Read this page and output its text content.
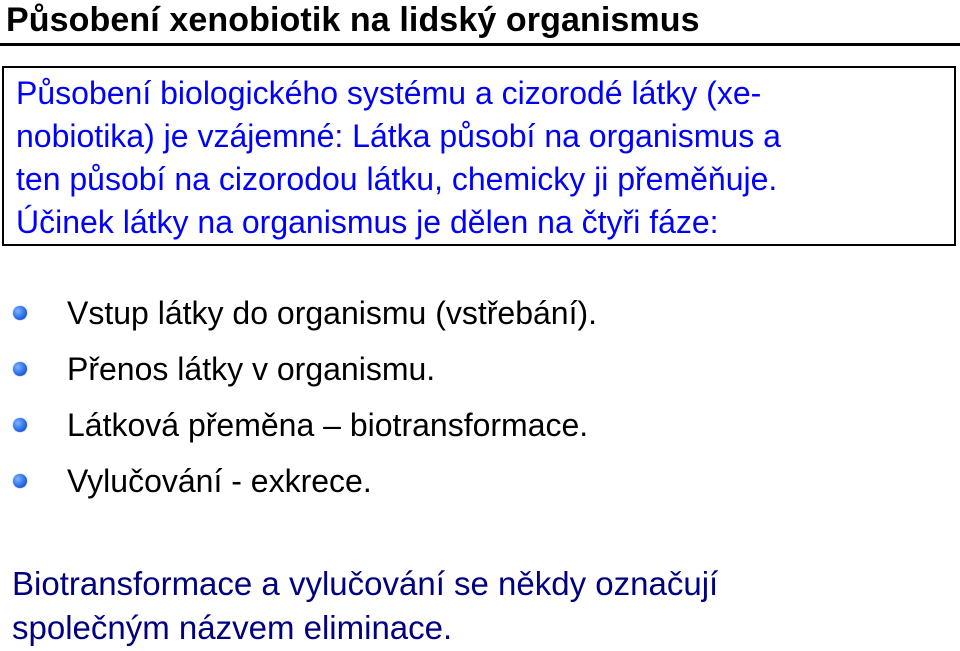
Působení xenobiotik na lidský organismus
Působení biologického systému a cizorodé látky (xe-
nobiotika) je vzájemné: Látka působí na organismus a
ten působí na cizorodou látku, chemicky ji přeměňuje.
Účinek látky na organismus je dělen na čtyři fáze:
Vstup látky do organismu (vstřebání).
Přenos látky v organismu.
Látková přeměna – biotransformace.
Vylučování - exkrece.

Biotransformace a vylučování se někdy označují
společným názvem eliminace.
